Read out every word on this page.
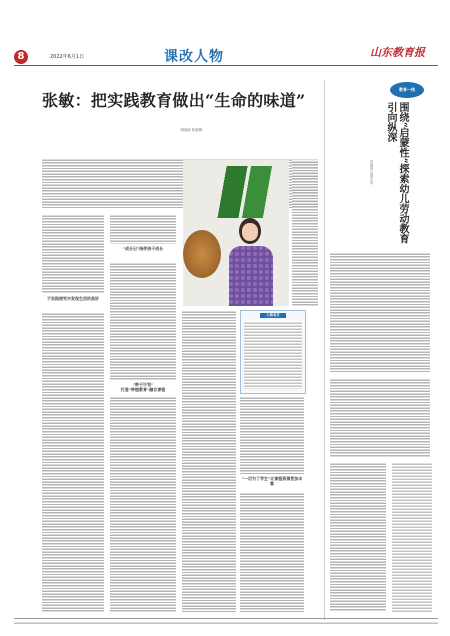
8	2022年6月1日	课改人物	山东教育报
张敏：把实践教育做出“生命的味道”
刘晓丽 张晓梅
于实践探究中发现生活的美好
“成长记”陪伴孩子成长
“种子计划”
打造“种植教育”融合课程
人物名片
“一切为了学生”让课程资源更加丰富
教育一线
围绕“启蒙性”探索幼儿劳动教育引向纵深
济南市公园小学
